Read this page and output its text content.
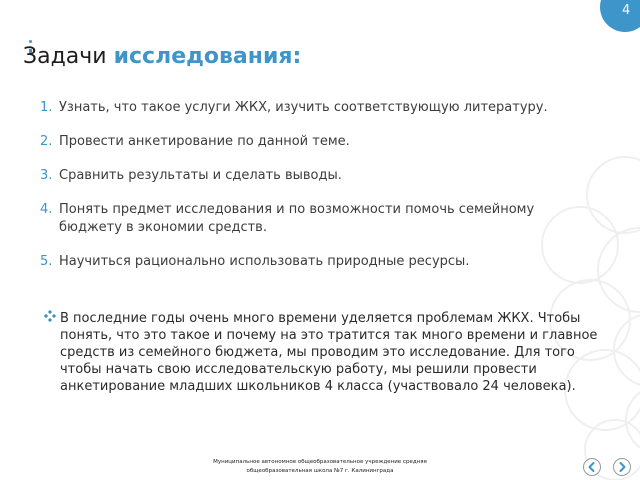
4
Задачи исследования:
1. Узнать, что такое услуги ЖКХ, изучить соответствующую литературу.
2. Провести анкетирование по данной теме.
3. Сравнить результаты и сделать выводы.
4. Понять предмет исследования и по возможности помочь семейному бюджету в экономии средств.
5. Научиться рационально использовать природные ресурсы.
В последние годы очень много времени уделяется проблемам ЖКХ. Чтобы понять, что это такое и почему на это тратится так много времени и главное средств из семейного бюджета, мы проводим это исследование. Для того чтобы начать свою исследовательскую работу, мы решили провести анкетирование младших школьников 4 класса (участвовало 24 человека).
Муниципальное автономное общеобразовательное учреждение средняя
общеобразовательная школа №7 г. Калининграда
